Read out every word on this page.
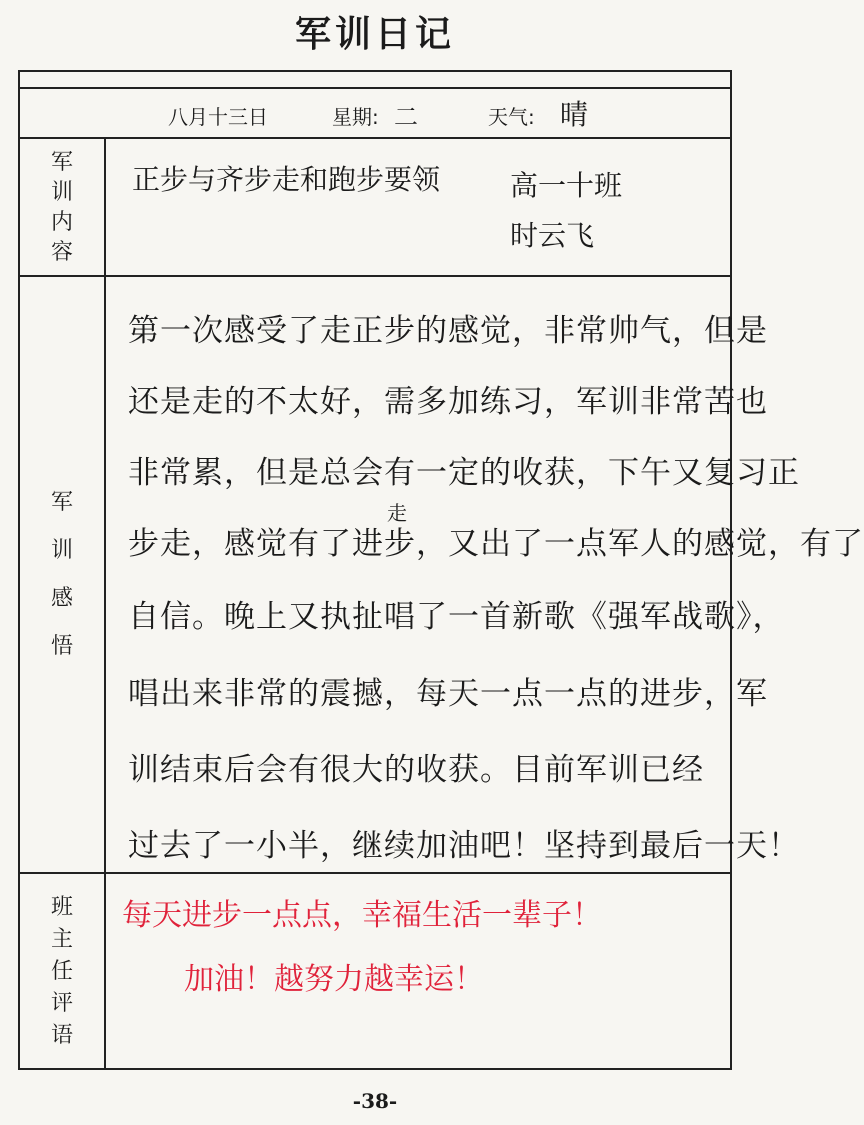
军训日记
八月十三日	星期: 二	天气: 晴
军
训
内
容
正步与齐步走和跑步要领 高一十班
时云飞
军
训
感
悟
走
第一次感受了走正步的感觉，非常帅气，但是
还是走的不太好，需多加练习，军训非常苦也
非常累，但是总会有一定的收获，下午又复习正
步走，感觉有了进步，又出了一点军人的感觉，有了
自信。晚上又执扯唱了一首新歌《强军战歌》，
唱出来非常的震撼，每天一点一点的进步，军
训结束后会有很大的收获。目前军训已经
过去了一小半，继续加油吧！坚持到最后一天！
班
主
任
评
语
每天进步一点点，幸福生活一辈子！
加油！越努力越幸运！
-38-
